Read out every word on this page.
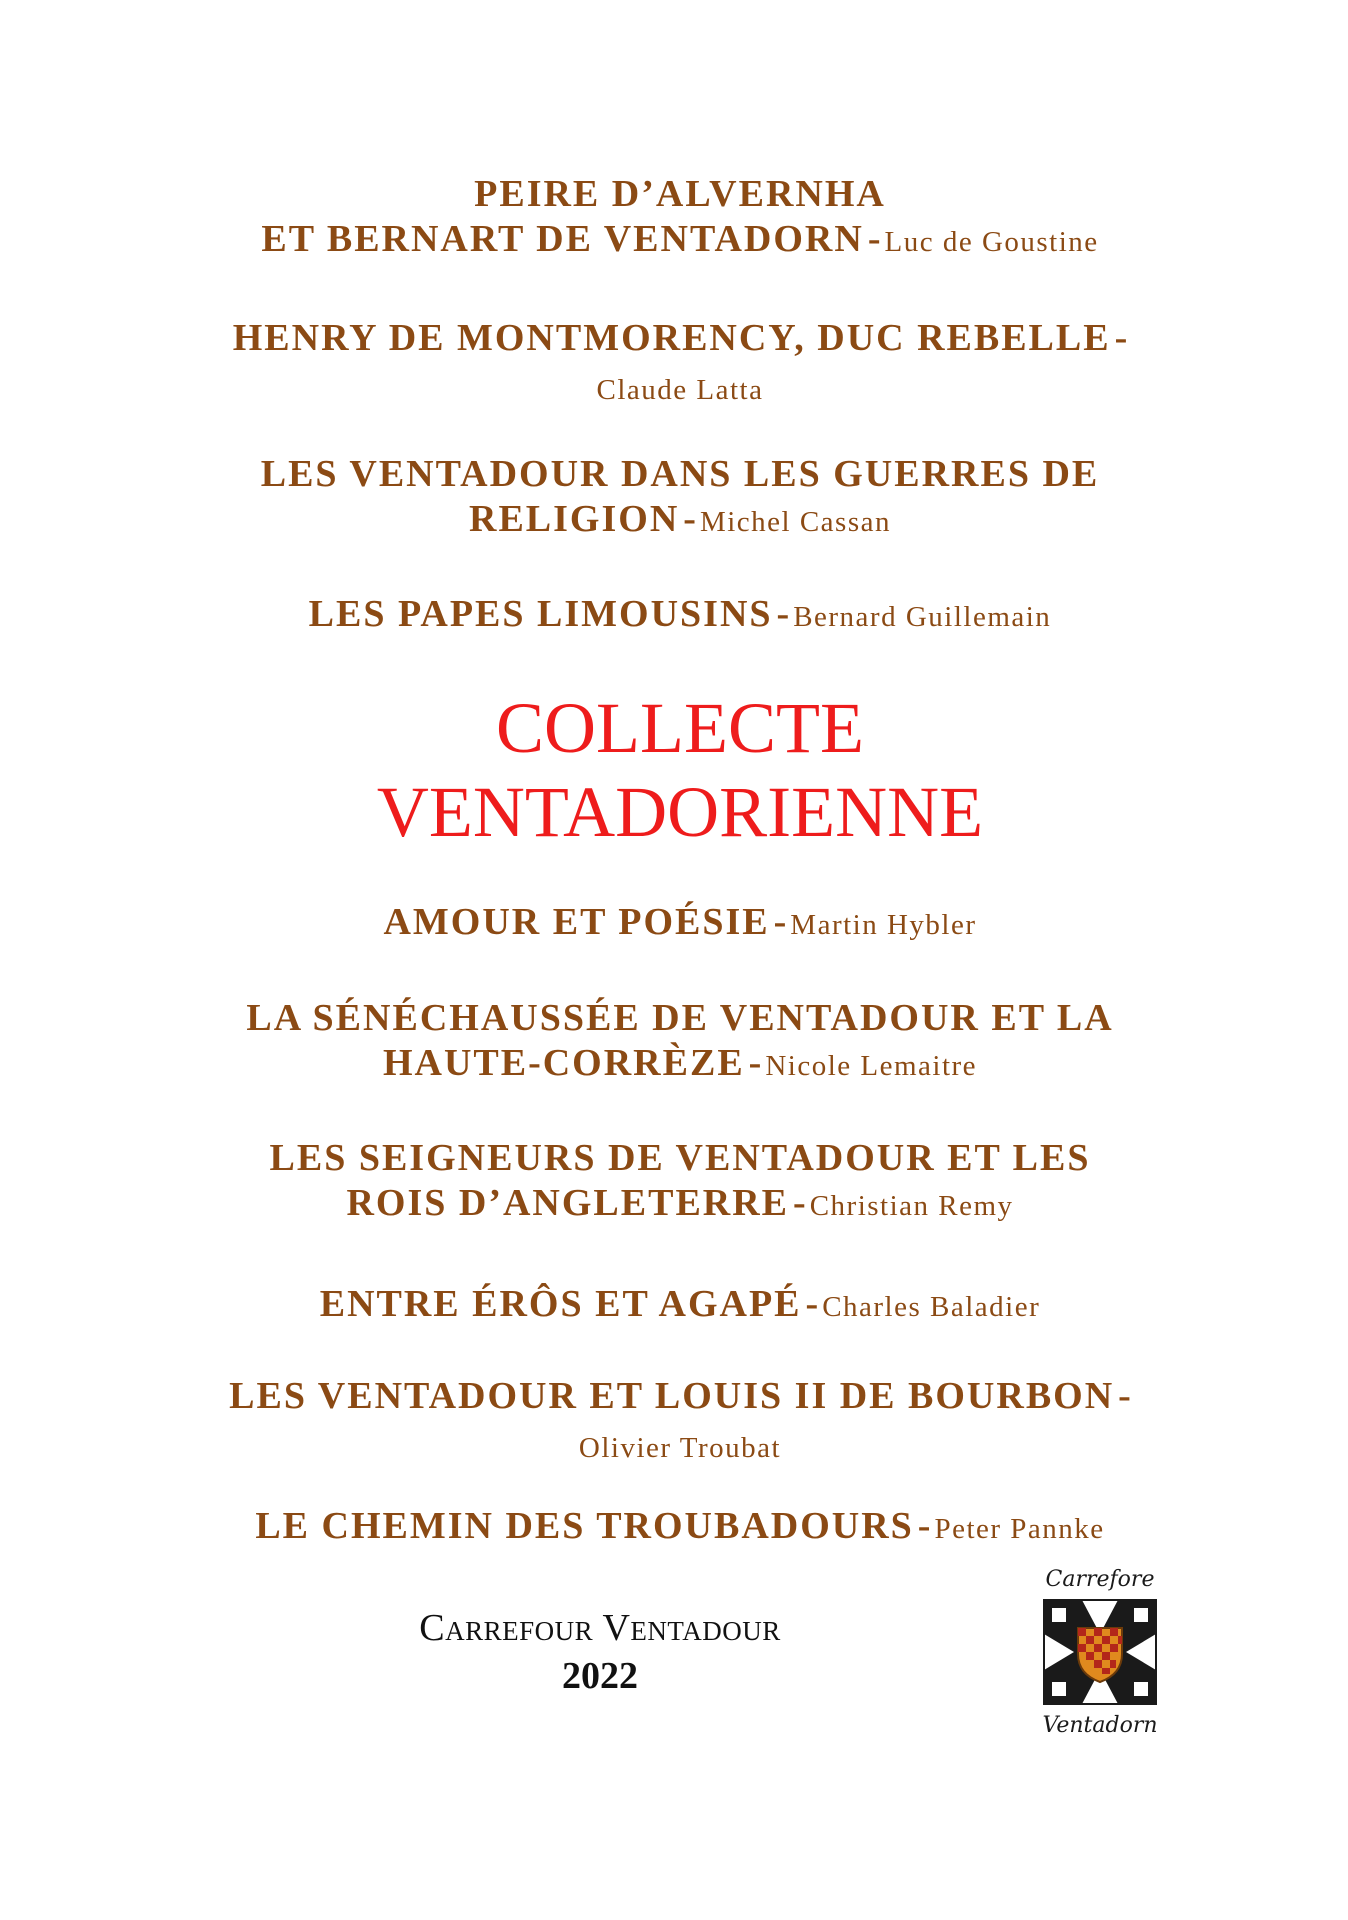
PEIRE D’ALVERNHA
ET BERNART DE VENTADORN - Luc de Goustine
HENRY DE MONTMORENCY, DUC REBELLE -
Claude Latta
LES VENTADOUR DANS LES GUERRES DE
RELIGION - Michel Cassan
LES PAPES LIMOUSINS - Bernard Guillemain
COLLECTE
VENTADORIENNE
AMOUR ET POÉSIE - Martin Hybler
LA SÉNÉCHAUSSÉE DE VENTADOUR ET LA
HAUTE-CORRÈZE - Nicole Lemaitre
LES SEIGNEURS DE VENTADOUR ET LES
ROIS D’ANGLETERRE - Christian Remy
ENTRE ÉRÔS ET AGAPÉ - Charles Baladier
LES VENTADOUR ET LOUIS II DE BOURBON -
Olivier Troubat
LE CHEMIN DES TROUBADOURS - Peter Pannke
Carrefour Ventadour
2022
Carrefore
Ventadorn
